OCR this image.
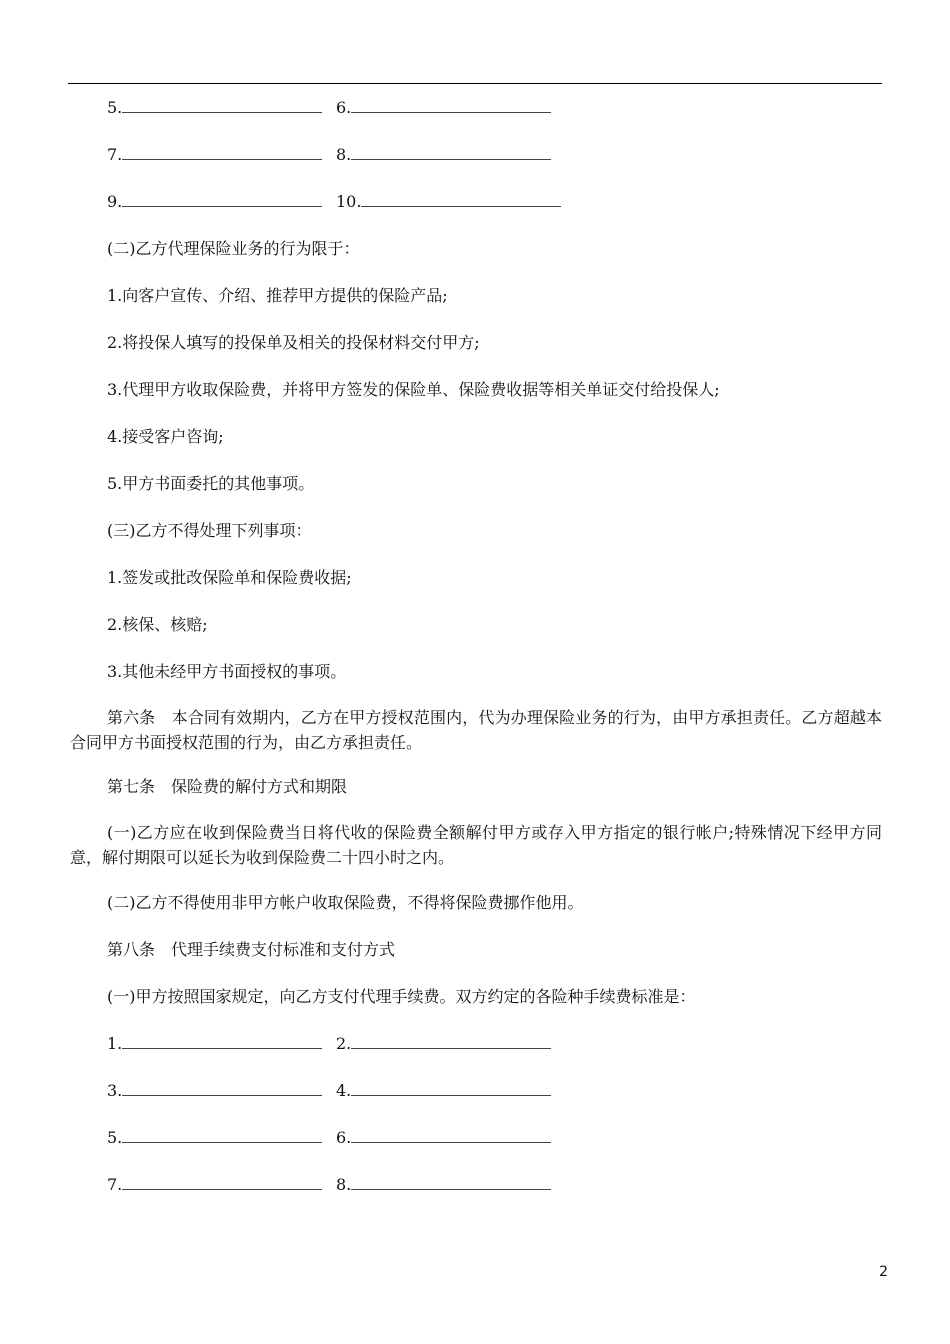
5.	6.
7.	8.
9.	10.
(二)乙方代理保险业务的行为限于：
1.向客户宣传、介绍、推荐甲方提供的保险产品;
2.将投保人填写的投保单及相关的投保材料交付甲方;
3.代理甲方收取保险费，并将甲方签发的保险单、保险费收据等相关单证交付给投保人;
4.接受客户咨询;
5.甲方书面委托的其他事项。
(三)乙方不得处理下列事项：
1.签发或批改保险单和保险费收据;
2.核保、核赔;
3.其他未经甲方书面授权的事项。
第六条　本合同有效期内，乙方在甲方授权范围内，代为办理保险业务的行为，由甲方承担责任。乙方超越本合同甲方书面授权范围的行为，由乙方承担责任。
第七条　保险费的解付方式和期限
(一)乙方应在收到保险费当日将代收的保险费全额解付甲方或存入甲方指定的银行帐户;特殊情况下经甲方同意，解付期限可以延长为收到保险费二十四小时之内。
(二)乙方不得使用非甲方帐户收取保险费，不得将保险费挪作他用。
第八条　代理手续费支付标准和支付方式
(一)甲方按照国家规定，向乙方支付代理手续费。双方约定的各险种手续费标准是：
1.	2.
3.	4.
5.	6.
7.	8.
2
